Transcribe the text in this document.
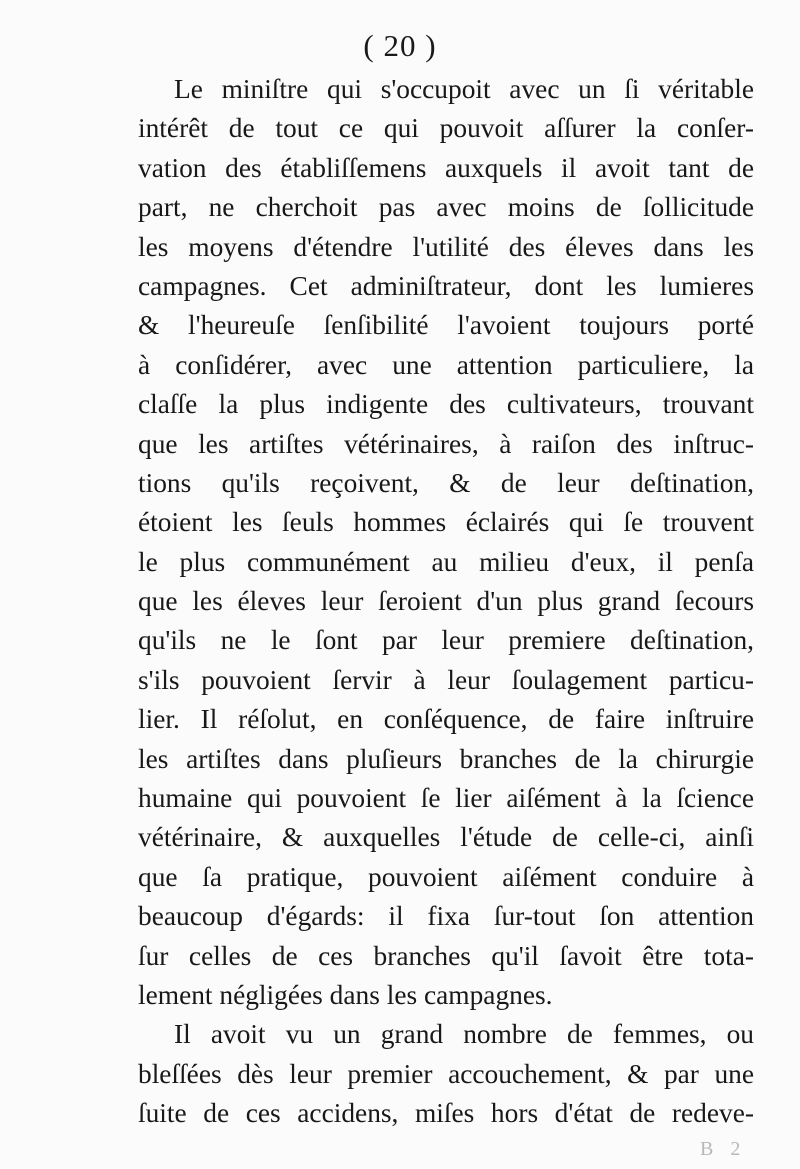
( 20 )
Le miniſtre qui s'occupoit avec un ſi véritable
intérêt de tout ce qui pouvoit aſſurer la conſer-
vation des établiſſemens auxquels il avoit tant de
part, ne cherchoit pas avec moins de ſollicitude
les moyens d'étendre l'utilité des éleves dans les
campagnes. Cet adminiſtrateur, dont les lumieres
& l'heureuſe ſenſibilité l'avoient toujours porté
à conſidérer, avec une attention particuliere, la
claſſe la plus indigente des cultivateurs, trouvant
que les artiſtes vétérinaires, à raiſon des inſtruc-
tions qu'ils reçoivent, & de leur deſtination,
étoient les ſeuls hommes éclairés qui ſe trouvent
le plus communément au milieu d'eux, il penſa
que les éleves leur ſeroient d'un plus grand ſecours
qu'ils ne le ſont par leur premiere deſtination,
s'ils pouvoient ſervir à leur ſoulagement particu-
lier. Il réſolut, en conſéquence, de faire inſtruire
les artiſtes dans pluſieurs branches de la chirurgie
humaine qui pouvoient ſe lier aiſément à la ſcience
vétérinaire, & auxquelles l'étude de celle-ci, ainſi
que ſa pratique, pouvoient aiſément conduire à
beaucoup d'égards: il fixa ſur-tout ſon attention
ſur celles de ces branches qu'il ſavoit être tota-
lement négligées dans les campagnes.
Il avoit vu un grand nombre de femmes, ou
bleſſées dès leur premier accouchement, & par une
ſuite de ces accidens, miſes hors d'état de redeve-
B 2
